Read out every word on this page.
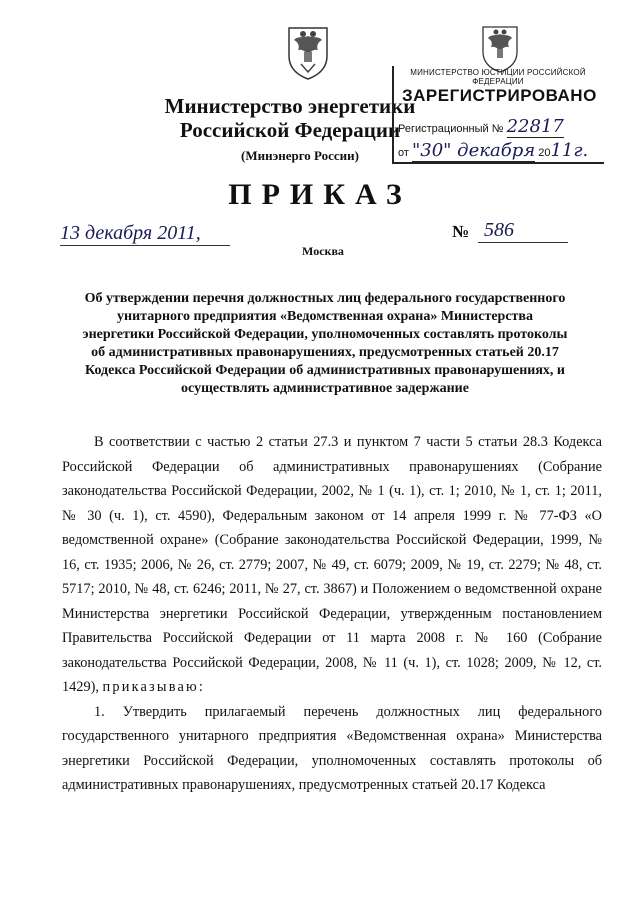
Министерство энергетики
Российской Федерации
(Минэнерго России)
МИНИСТЕРСТВО ЮСТИЦИИ РОССИЙСКОЙ ФЕДЕРАЦИИ
ЗАРЕГИСТРИРОВАНО
Регистрационный № 22817
от "30" декабря 2011г.
ПРИКАЗ
13 декабря 2011,
Москва
№ 586
Об утверждении перечня должностных лиц федерального государственного унитарного предприятия «Ведомственная охрана» Министерства энергетики Российской Федерации, уполномоченных составлять протоколы об административных правонарушениях, предусмотренных статьей 20.17 Кодекса Российской Федерации об административных правонарушениях, и осуществлять административное задержание

В соответствии с частью 2 статьи 27.3 и пунктом 7 части 5 статьи 28.3 Кодекса Российской Федерации об административных правонарушениях (Собрание законодательства Российской Федерации, 2002, № 1 (ч. 1), ст. 1; 2010, № 1, ст. 1; 2011, № 30 (ч. 1), ст. 4590), Федеральным законом от 14 апреля 1999 г. № 77-ФЗ «О ведомственной охране» (Собрание законодательства Российской Федерации, 1999, № 16, ст. 1935; 2006, № 26, ст. 2779; 2007, № 49, ст. 6079; 2009, № 19, ст. 2279; № 48, ст. 5717; 2010, № 48, ст. 6246; 2011, № 27, ст. 3867) и Положением о ведомственной охране Министерства энергетики Российской Федерации, утвержденным постановлением Правительства Российской Федерации от 11 марта 2008 г. № 160 (Собрание законодательства Российской Федерации, 2008, № 11 (ч. 1), ст. 1028; 2009, № 12, ст. 1429), приказываю:

1. Утвердить прилагаемый перечень должностных лиц федерального государственного унитарного предприятия «Ведомственная охрана» Министерства энергетики Российской Федерации, уполномоченных составлять протоколы об административных правонарушениях, предусмотренных статьей 20.17 Кодекса
